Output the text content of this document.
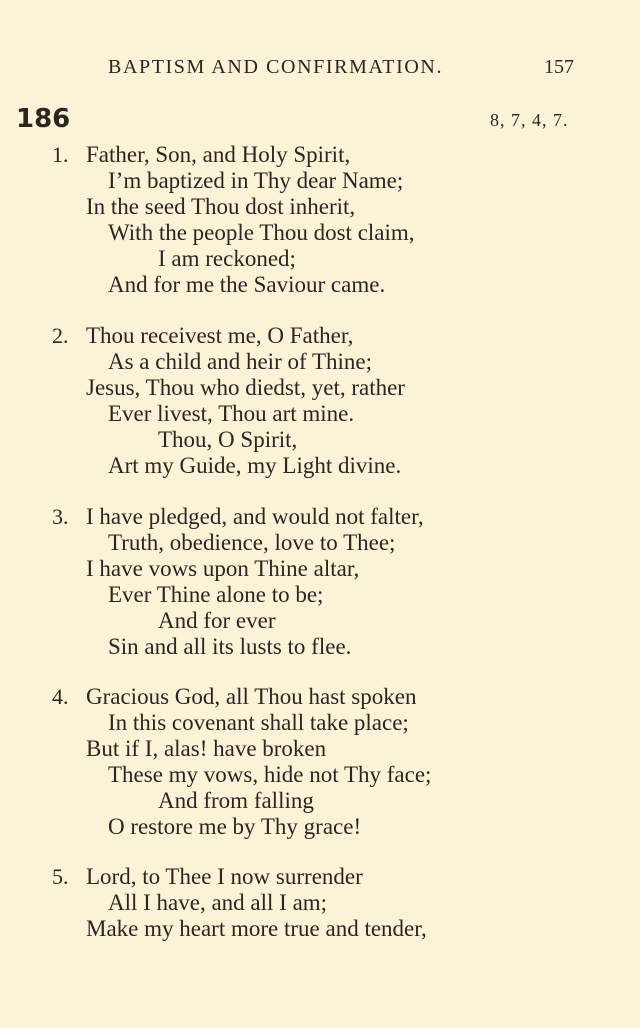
BAPTISM AND CONFIRMATION.	157
186	8, 7, 4, 7.
1. Father, Son, and Holy Spirit,
I’m baptized in Thy dear Name;
In the seed Thou dost inherit,
With the people Thou dost claim,
I am reckoned;
And for me the Saviour came.
2. Thou receivest me, O Father,
As a child and heir of Thine;
Jesus, Thou who diedst, yet, rather
Ever livest, Thou art mine.
Thou, O Spirit,
Art my Guide, my Light divine.
3. I have pledged, and would not falter,
Truth, obedience, love to Thee;
I have vows upon Thine altar,
Ever Thine alone to be;
And for ever
Sin and all its lusts to flee.
4. Gracious God, all Thou hast spoken
In this covenant shall take place;
But if I, alas! have broken
These my vows, hide not Thy face;
And from falling
O restore me by Thy grace!
5. Lord, to Thee I now surrender
All I have, and all I am;
Make my heart more true and tender,
